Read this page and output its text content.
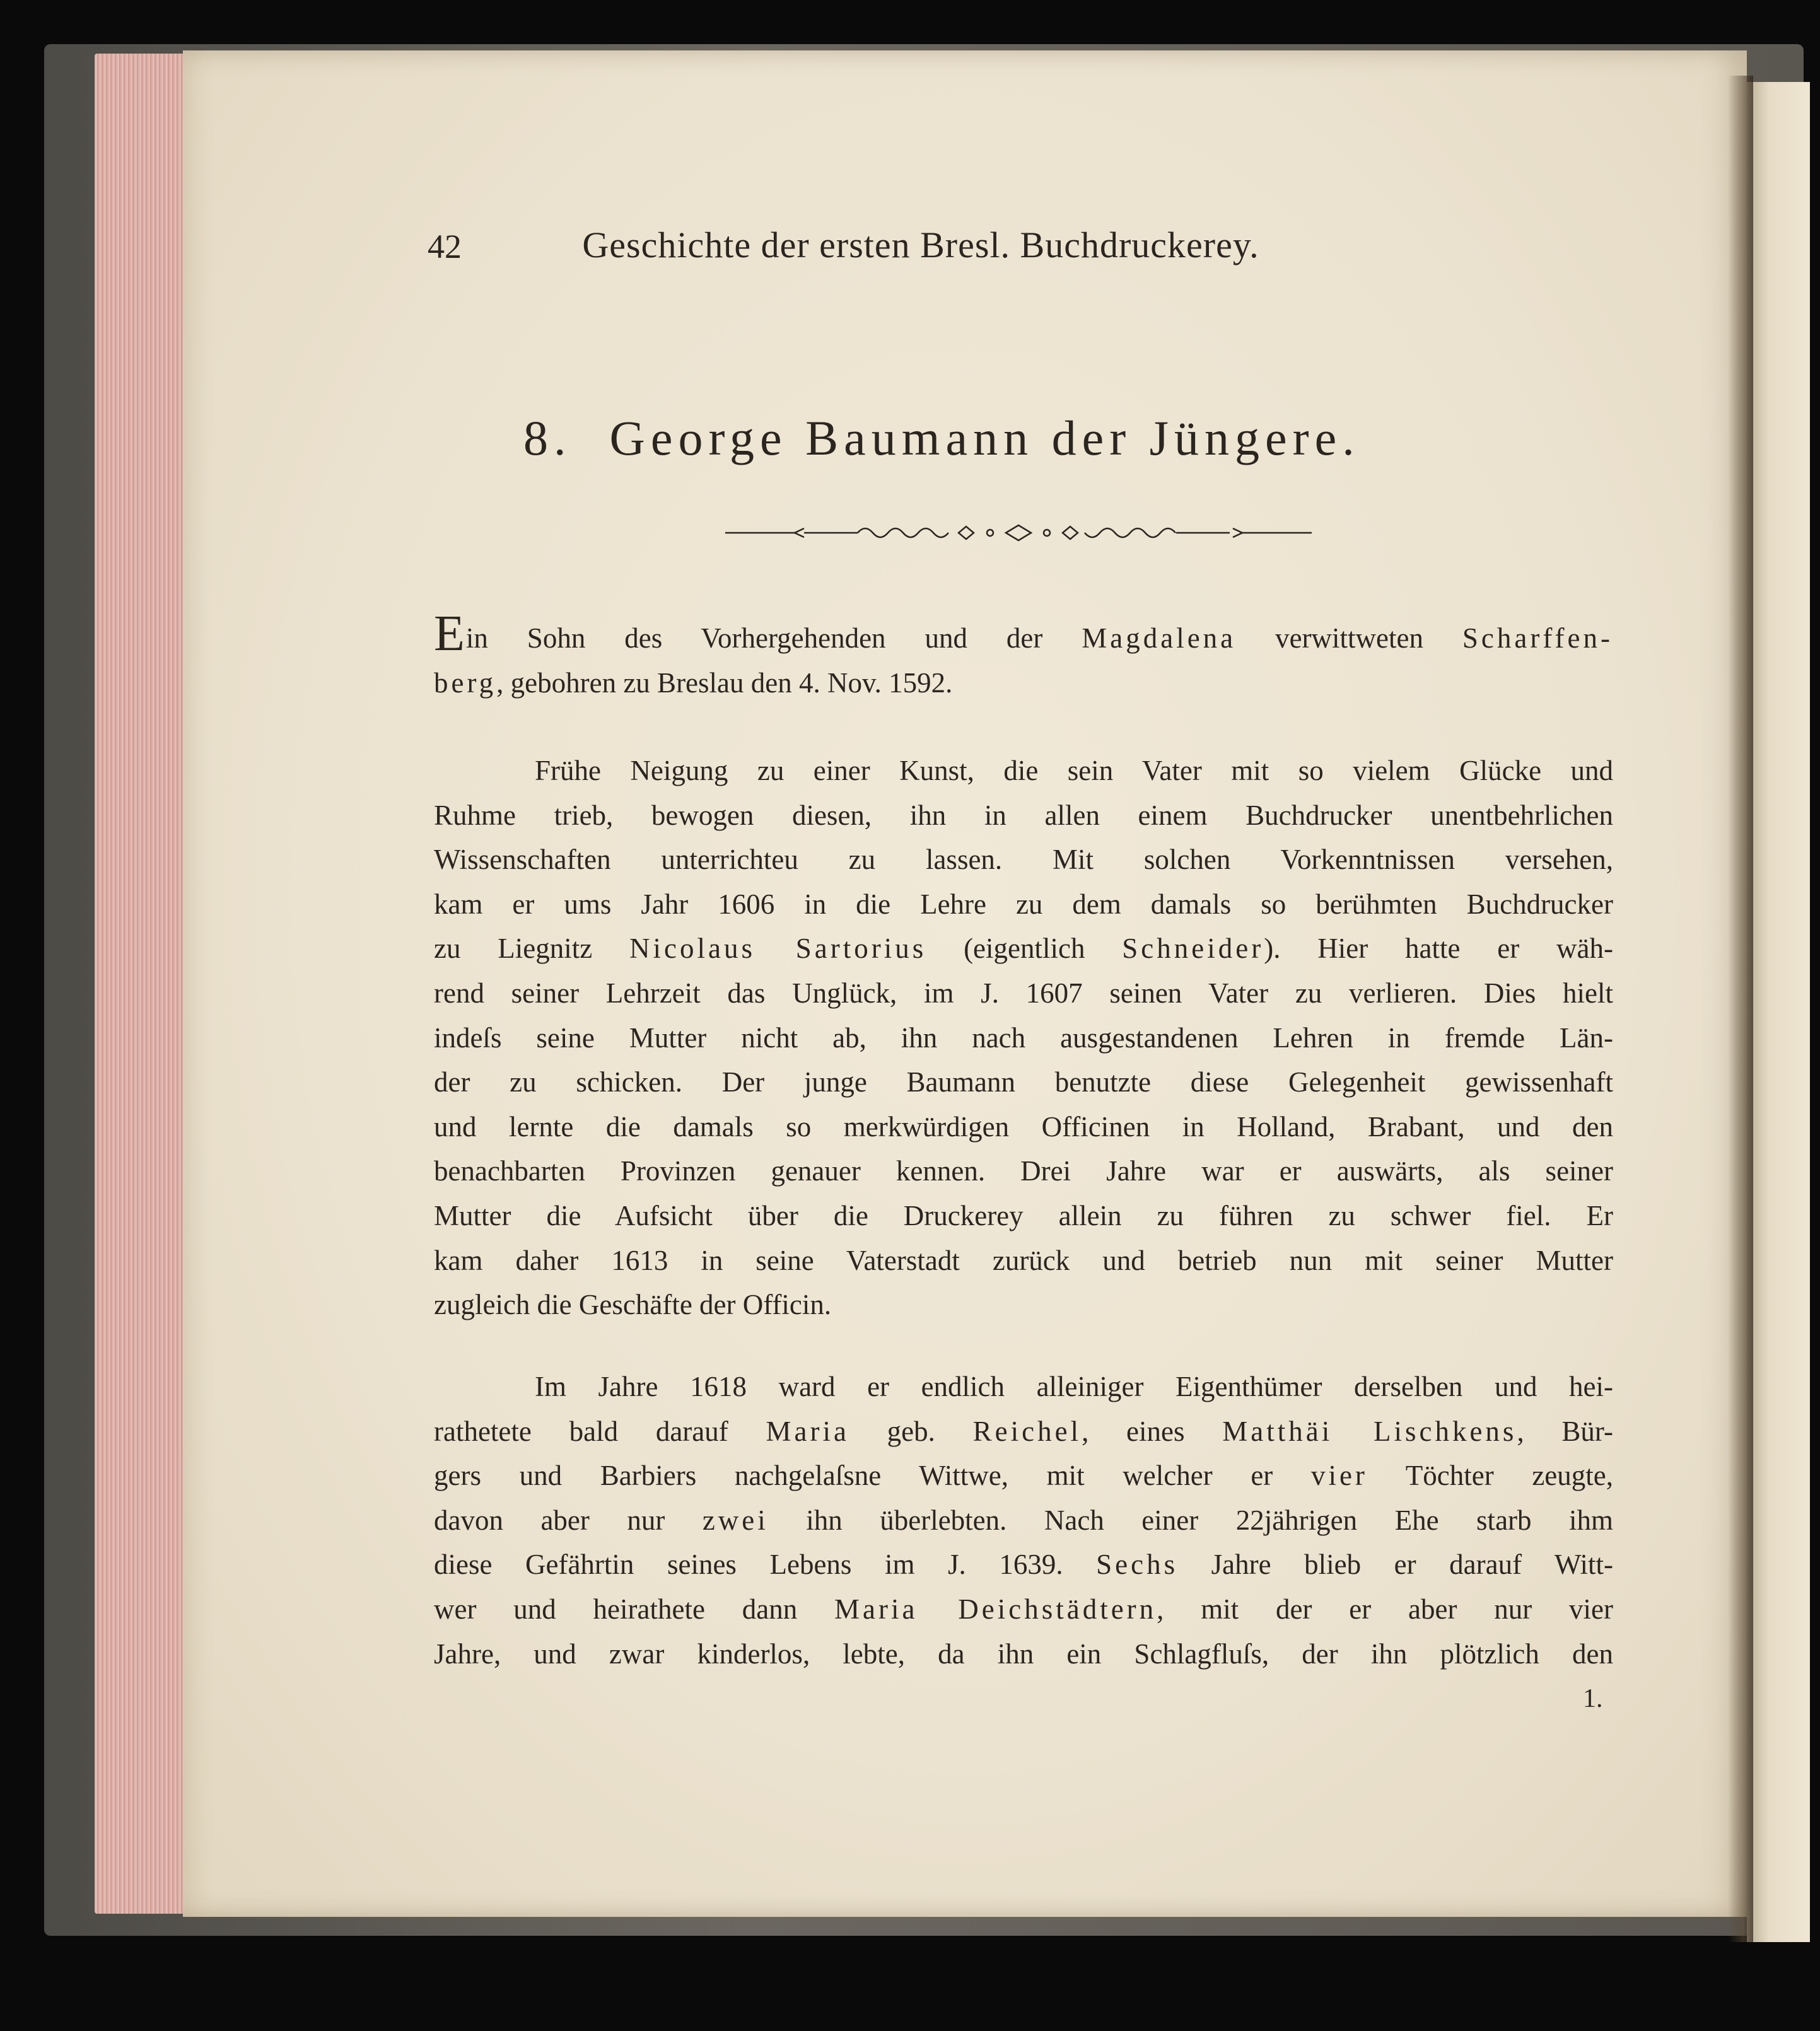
42	Geschichte der ersten Bresl. Buchdruckerey.
8. George Baumann der Jüngere.
Ein Sohn des Vorhergehenden und der Magdalena verwittweten Scharffen-
berg, gebohren zu Breslau den 4. Nov. 1592.
Frühe Neigung zu einer Kunst, die sein Vater mit so vielem Glücke und
Ruhme trieb, bewogen diesen, ihn in allen einem Buchdrucker unentbehrlichen
Wissenschaften unterrichteu zu lassen. Mit solchen Vorkenntnissen versehen,
kam er ums Jahr 1606 in die Lehre zu dem damals so berühmten Buchdrucker
zu Liegnitz Nicolaus Sartorius (eigentlich Schneider). Hier hatte er wäh-
rend seiner Lehrzeit das Unglück, im J. 1607 seinen Vater zu verlieren. Dies hielt
indeſs seine Mutter nicht ab, ihn nach ausgestandenen Lehren in fremde Län-
der zu schicken. Der junge Baumann benutzte diese Gelegenheit gewissenhaft
und lernte die damals so merkwürdigen Officinen in Holland, Brabant, und den
benachbarten Provinzen genauer kennen. Drei Jahre war er auswärts, als seiner
Mutter die Aufsicht über die Druckerey allein zu führen zu schwer fiel. Er
kam daher 1613 in seine Vaterstadt zurück und betrieb nun mit seiner Mutter
zugleich die Geschäfte der Officin.
Im Jahre 1618 ward er endlich alleiniger Eigenthümer derselben und hei-
rathetete bald darauf Maria geb. Reichel, eines Matthäi Lischkens, Bür-
gers und Barbiers nachgelaſsne Wittwe, mit welcher er vier Töchter zeugte,
davon aber nur zwei ihn überlebten. Nach einer 22jährigen Ehe starb ihm
diese Gefährtin seines Lebens im J. 1639. Sechs Jahre blieb er darauf Witt-
wer und heirathete dann Maria Deichstädtern, mit der er aber nur vier
Jahre, und zwar kinderlos, lebte, da ihn ein Schlagfluſs, der ihn plötzlich den
1.
